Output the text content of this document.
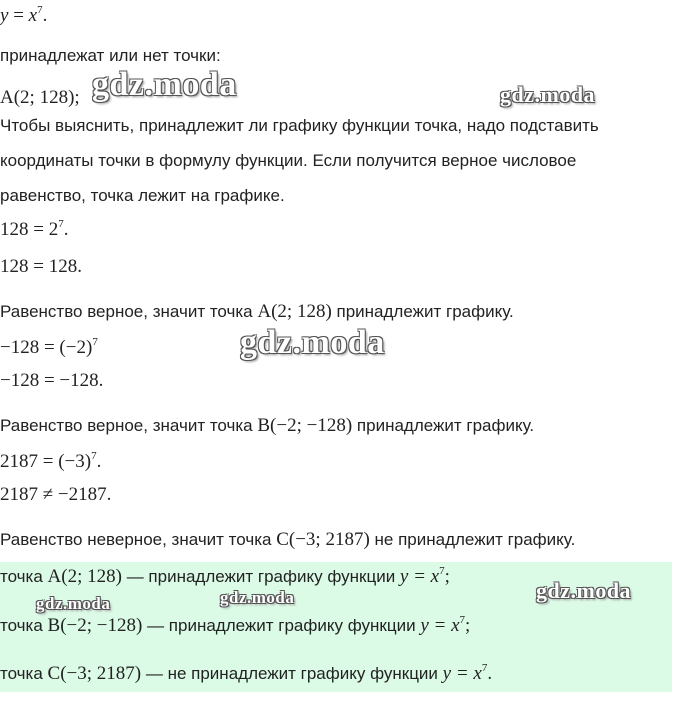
$y = x^7$.
принадлежат или нет точки:
A(2; 128);
Чтобы выяснить, принадлежит ли графику функции точка, надо подставить
координаты точки в формулу функции. Если получится верное числовое
равенство, точка лежит на графике.
$128 = 2^7$.
128 = 128.
Равенство верное, значит точка A(2; 128) принадлежит графику.
$-128 = (-2)^7$
−128 = −128.
Равенство верное, значит точка B(−2; −128) принадлежит графику.
$2187 = (-3)^7$.
2187 ≠ −2187.
Равенство неверное, значит точка C(−3; 2187) не принадлежит графику.
точка A(2; 128) — принадлежит графику функции $y = x^7$;
точка B(−2; −128) — принадлежит графику функции $y = x^7$;
точка C(−3; 2187) — не принадлежит графику функции $y = x^7$.
gdz.moda	gdz.moda
gdz.moda
gdz.moda	gdz.moda	gdz.moda
